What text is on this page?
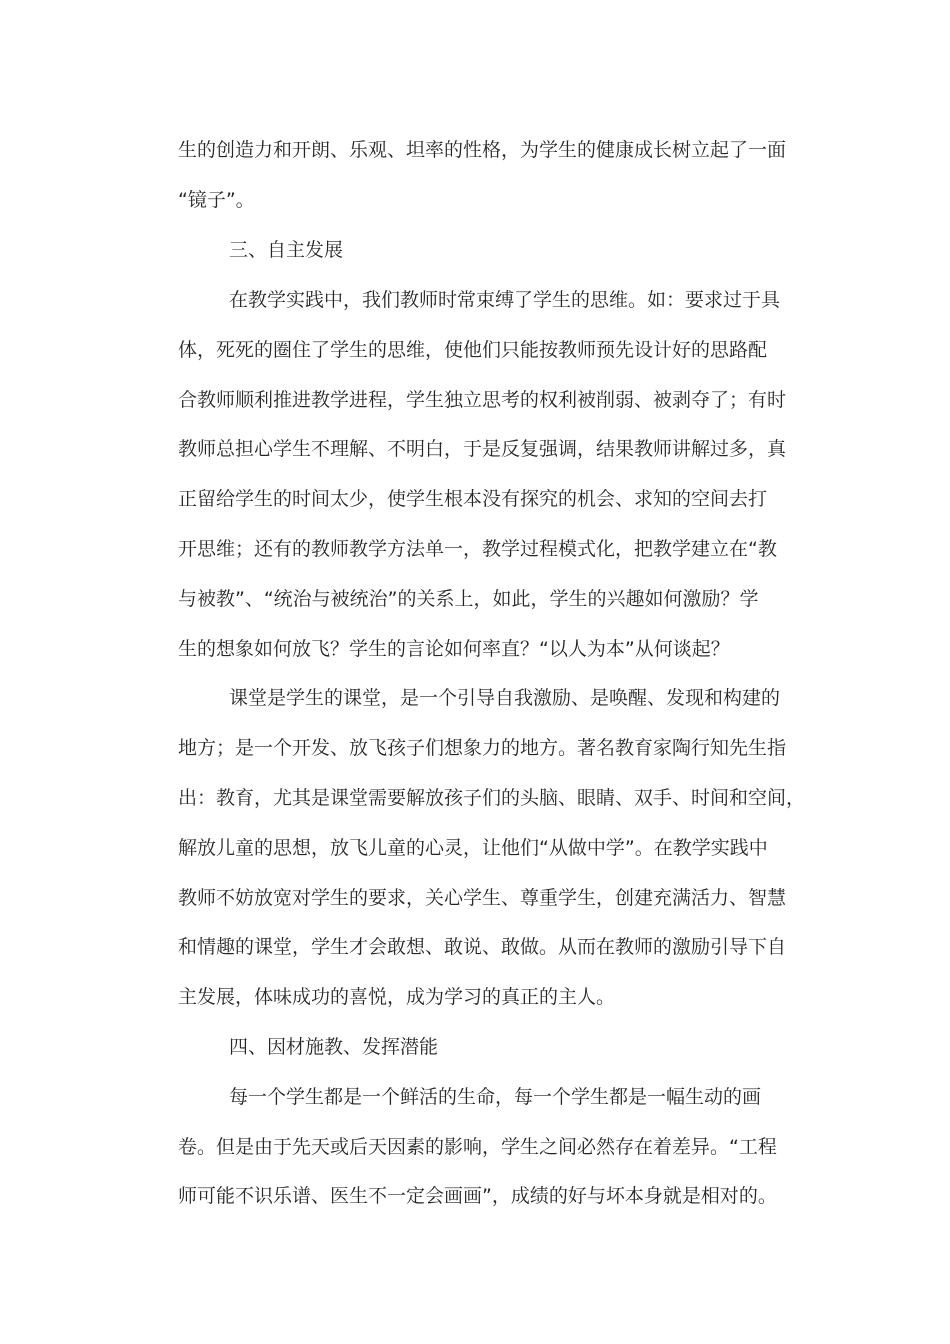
生的创造力和开朗、乐观、坦率的性格，为学生的健康成长树立起了一面
“镜子”。
三、自主发展
在教学实践中，我们教师时常束缚了学生的思维。如：要求过于具
体，死死的圈住了学生的思维，使他们只能按教师预先设计好的思路配
合教师顺利推进教学进程，学生独立思考的权利被削弱、被剥夺了；有时
教师总担心学生不理解、不明白，于是反复强调，结果教师讲解过多，真
正留给学生的时间太少，使学生根本没有探究的机会、求知的空间去打
开思维；还有的教师教学方法单一，教学过程模式化，把教学建立在“教
与被教”、“统治与被统治”的关系上，如此，学生的兴趣如何激励？学
生的想象如何放飞？学生的言论如何率直？“以人为本”从何谈起？
课堂是学生的课堂，是一个引导自我激励、是唤醒、发现和构建的
地方；是一个开发、放飞孩子们想象力的地方。著名教育家陶行知先生指
出：教育，尤其是课堂需要解放孩子们的头脑、眼睛、双手、时间和空间，
解放儿童的思想，放飞儿童的心灵，让他们“从做中学”。在教学实践中
教师不妨放宽对学生的要求，关心学生、尊重学生，创建充满活力、智慧
和情趣的课堂，学生才会敢想、敢说、敢做。从而在教师的激励引导下自
主发展，体味成功的喜悦，成为学习的真正的主人。
四、因材施教、发挥潜能
每一个学生都是一个鲜活的生命，每一个学生都是一幅生动的画
卷。但是由于先天或后天因素的影响，学生之间必然存在着差异。“工程
师可能不识乐谱、医生不一定会画画”，成绩的好与坏本身就是相对的。
